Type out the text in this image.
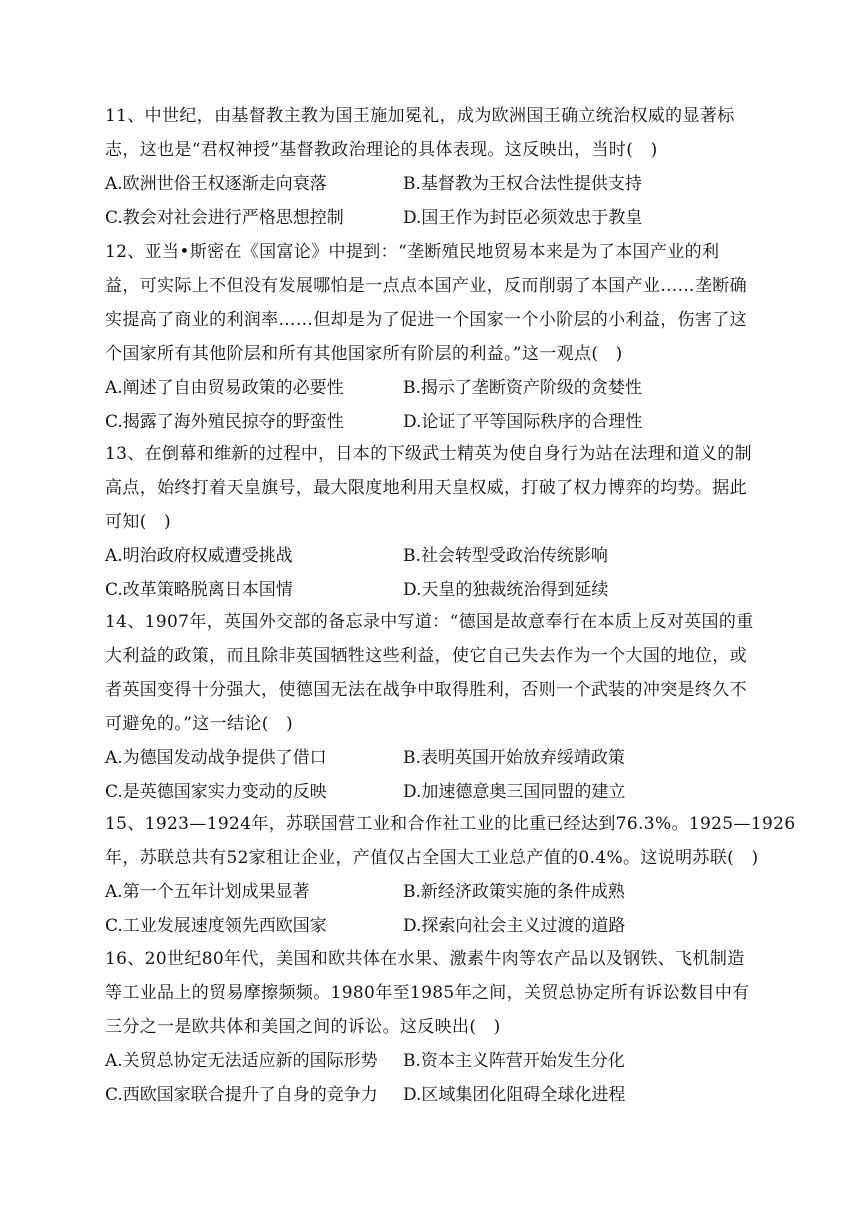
11、中世纪，由基督教主教为国王施加冕礼，成为欧洲国王确立统治权威的显著标
志，这也是“君权神授”基督教政治理论的具体表现。这反映出，当时(　)
A.欧洲世俗王权逐渐走向衰落	B.基督教为王权合法性提供支持
C.教会对社会进行严格思想控制	D.国王作为封臣必须效忠于教皇
12、亚当•斯密在《国富论》中提到：“垄断殖民地贸易本来是为了本国产业的利
益，可实际上不但没有发展哪怕是一点点本国产业，反而削弱了本国产业……垄断确
实提高了商业的利润率……但却是为了促进一个国家一个小阶层的小利益，伤害了这
个国家所有其他阶层和所有其他国家所有阶层的利益。”这一观点(　)
A.阐述了自由贸易政策的必要性	B.揭示了垄断资产阶级的贪婪性
C.揭露了海外殖民掠夺的野蛮性	D.论证了平等国际秩序的合理性
13、在倒幕和维新的过程中，日本的下级武士精英为使自身行为站在法理和道义的制
高点，始终打着天皇旗号，最大限度地利用天皇权威，打破了权力博弈的均势。据此
可知(　)
A.明治政府权威遭受挑战	B.社会转型受政治传统影响
C.改革策略脱离日本国情	D.天皇的独裁统治得到延续
14、1907年，英国外交部的备忘录中写道：“德国是故意奉行在本质上反对英国的重
大利益的政策，而且除非英国牺牲这些利益，使它自己失去作为一个大国的地位，或
者英国变得十分强大，使德国无法在战争中取得胜利，否则一个武装的冲突是终久不
可避免的。”这一结论(　)
A.为德国发动战争提供了借口	B.表明英国开始放弃绥靖政策
C.是英德国家实力变动的反映	D.加速德意奥三国同盟的建立
15、1923—1924年，苏联国营工业和合作社工业的比重已经达到76.3%。1925—1926
年，苏联总共有52家租让企业，产值仅占全国大工业总产值的0.4%。这说明苏联(　)
A.第一个五年计划成果显著	B.新经济政策实施的条件成熟
C.工业发展速度领先西欧国家	D.探索向社会主义过渡的道路
16、20世纪80年代，美国和欧共体在水果、激素牛肉等农产品以及钢铁、飞机制造
等工业品上的贸易摩擦频频。1980年至1985年之间，关贸总协定所有诉讼数目中有
三分之一是欧共体和美国之间的诉讼。这反映出(　)
A.关贸总协定无法适应新的国际形势 B.资本主义阵营开始发生分化
C.西欧国家联合提升了自身的竞争力 D.区域集团化阻碍全球化进程
